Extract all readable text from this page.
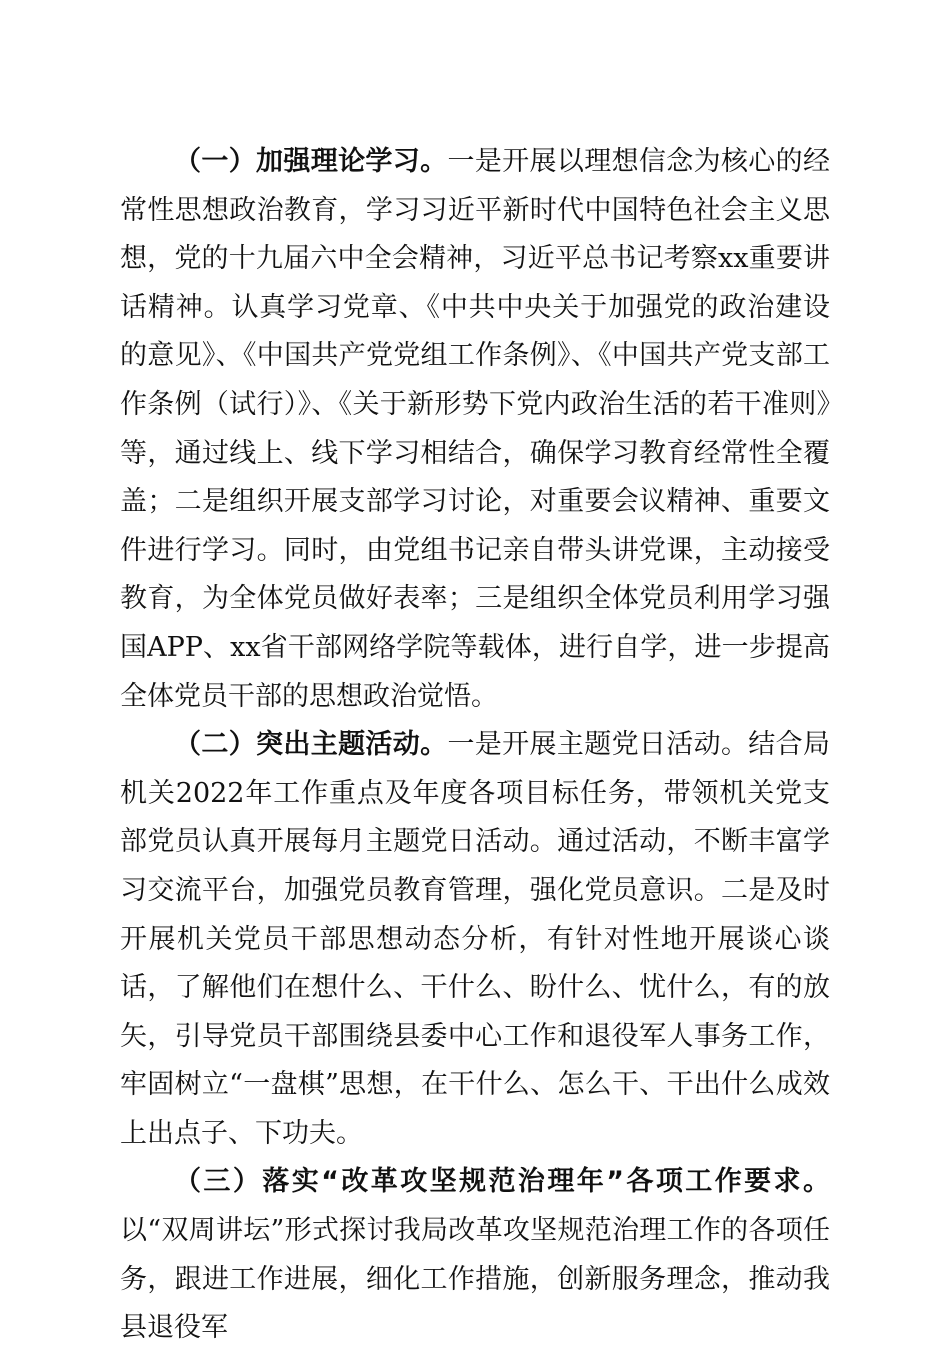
（一）加强理论学习。一是开展以理想信念为核心的经常性思想政治教育，学习习近平新时代中国特色社会主义思想，党的十九届六中全会精神，习近平总书记考察xx重要讲话精神。认真学习党章、《中共中央关于加强党的政治建设的意见》、《中国共产党党组工作条例》、《中国共产党支部工作条例（试行）》、《关于新形势下党内政治生活的若干准则》等，通过线上、线下学习相结合，确保学习教育经常性全覆盖；二是组织开展支部学习讨论，对重要会议精神、重要文件进行学习。同时，由党组书记亲自带头讲党课，主动接受教育，为全体党员做好表率；三是组织全体党员利用学习强国APP、xx省干部网络学院等载体，进行自学，进一步提高全体党员干部的思想政治觉悟。

（二）突出主题活动。一是开展主题党日活动。结合局机关2022年工作重点及年度各项目标任务，带领机关党支部党员认真开展每月主题党日活动。通过活动，不断丰富学习交流平台，加强党员教育管理，强化党员意识。二是及时开展机关党员干部思想动态分析，有针对性地开展谈心谈话，了解他们在想什么、干什么、盼什么、忧什么，有的放矢，引导党员干部围绕县委中心工作和退役军人事务工作，牢固树立“一盘棋”思想，在干什么、怎么干、干出什么成效上出点子、下功夫。

（三）落实“改革攻坚规范治理年”各项工作要求。以“双周讲坛”形式探讨我局改革攻坚规范治理工作的各项任务，跟进工作进展，细化工作措施，创新服务理念，推动我县退役军
